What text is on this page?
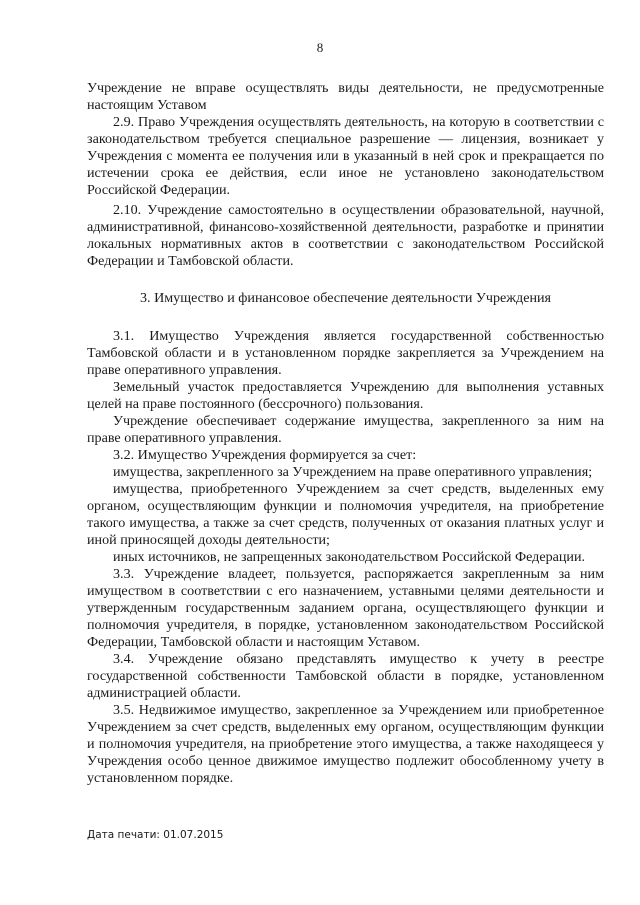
8

Учреждение не вправе осуществлять виды деятельности, не предусмотренные настоящим Уставом

2.9. Право Учреждения осуществлять деятельность, на которую в соответствии с законодательством требуется специальное разрешение — лицензия, возникает у Учреждения с момента ее получения или в указанный в ней срок и прекращается по истечении срока ее действия, если иное не установлено законодательством Российской Федерации.

2.10. Учреждение самостоятельно в осуществлении образовательной, научной, административной, финансово-хозяйственной деятельности, разработке и принятии локальных нормативных актов в соответствии с законодательством Российской Федерации и Тамбовской области.

3. Имущество и финансовое обеспечение деятельности Учреждения

3.1. Имущество Учреждения является государственной собственностью Тамбовской области и в установленном порядке закрепляется за Учреждением на праве оперативного управления.

Земельный участок предоставляется Учреждению для выполнения уставных целей на праве постоянного (бессрочного) пользования.

Учреждение обеспечивает содержание имущества, закрепленного за ним на праве оперативного управления.

3.2. Имущество Учреждения формируется за счет:

имущества, закрепленного за Учреждением на праве оперативного управления;

имущества, приобретенного Учреждением за счет средств, выделенных ему органом, осуществляющим функции и полномочия учредителя, на приобретение такого имущества, а также за счет средств, полученных от оказания платных услуг и иной приносящей доходы деятельности;

иных источников, не запрещенных законодательством Российской Федерации.

3.3. Учреждение владеет, пользуется, распоряжается закрепленным за ним имуществом в соответствии с его назначением, уставными целями деятельности и утвержденным государственным заданием органа, осуществляющего функции и полномочия учредителя, в порядке, установленном законодательством Российской Федерации, Тамбовской области и настоящим Уставом.

3.4. Учреждение обязано представлять имущество к учету в реестре государственной собственности Тамбовской области в порядке, установленном администрацией области.

3.5. Недвижимое имущество, закрепленное за Учреждением или приобретенное Учреждением за счет средств, выделенных ему органом, осуществляющим функции и полномочия учредителя, на приобретение этого имущества, а также находящееся у Учреждения особо ценное движимое имущество подлежит обособленному учету в установленном порядке.

Дата печати: 01.07.2015
